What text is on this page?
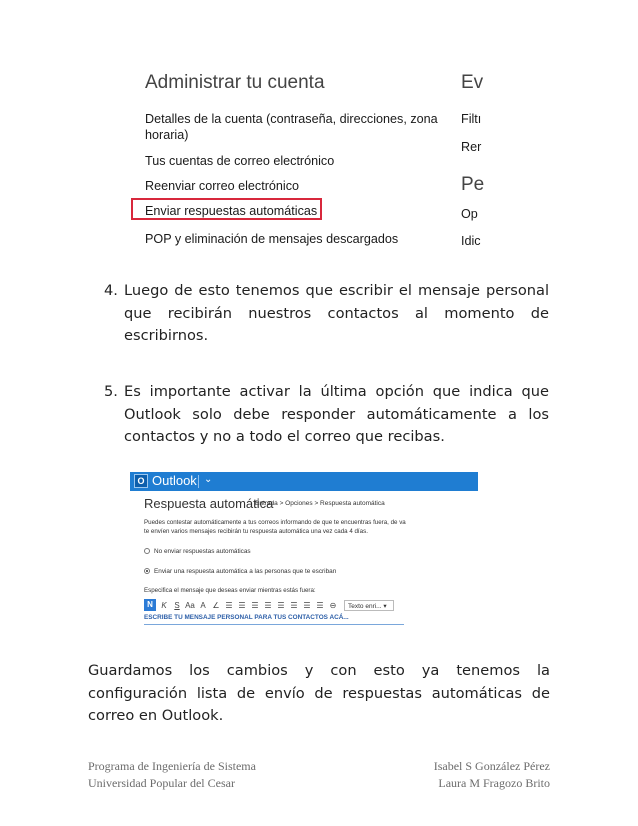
Administrar tu cuenta	Ev
Detalles de la cuenta (contraseña, direcciones, zona
horaria)
Tus cuentas de correo electrónico
Reenviar correo electrónico
Enviar respuestas automáticas
POP y eliminación de mensajes descargados
Pe
Filtı
Rer
Op
Idic
4. Luego de esto tenemos que escribir el mensaje personal que recibirán nuestros contactos al momento de escribirnos.
5. Es importante activar la última opción que indica que Outlook solo debe responder automáticamente a los contactos y no a todo el correo que recibas.
O Outlook ⌄
Respuesta automática
Entrada > Opciones > Respuesta automática
Puedes contestar automáticamente a tus correos informando de que te encuentras fuera, de va
te envíen varios mensajes recibirán tu respuesta automática una vez cada 4 días.
No enviar respuestas automáticas
Enviar una respuesta automática a las personas que te escriban
Especifica el mensaje que deseas enviar mientras estás fuera:
N	K S Aa A ∠ ☰ ☰ ☰ ☰ ☰ ☰ ☰ ☰ ⊖	Texto enri... ▾
ESCRIBE TU MENSAJE PERSONAL PARA TUS CONTACTOS ACÁ...
Guardamos los cambios y con esto ya tenemos la configuración lista de envío de respuestas automáticas de correo en Outlook.
Programa de Ingeniería de Sistema
Universidad Popular del Cesar
Isabel S González Pérez
Laura M Fragozo Brito
